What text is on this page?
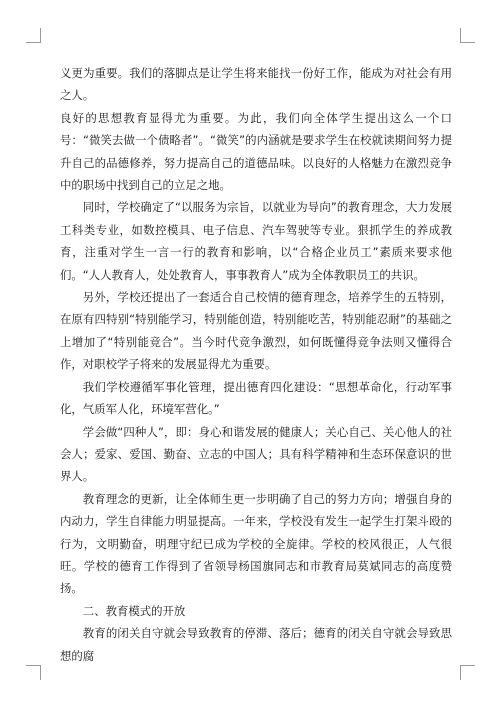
义更为重要。我们的落脚点是让学生将来能找一份好工作，能成为对社会有用之人。

良好的思想教育显得尤为重要。为此，我们向全体学生提出这么一个口号：“微笑去做一个债略者”。“微笑”的内涵就是要求学生在校就读期间努力提升自己的品德修养，努力提高自己的道德品味。以良好的人格魅力在激烈竞争中的职场中找到自己的立足之地。

同时，学校确定了“以服务为宗旨，以就业为导向”的教育理念，大力发展工科类专业，如数控模具、电子信息、汽车驾驶等专业。狠抓学生的养成教育，注重对学生一言一行的教育和影响，以“合格企业员工”素质来要求他们。“人人教育人，处处教育人，事事教育人”成为全体教职员工的共识。

另外，学校还提出了一套适合自己校情的德育理念，培养学生的五特别，在原有四特别“特别能学习，特别能创造，特别能吃苦，特别能忍耐”的基础之上增加了“特别能竞合”。当今时代竞争激烈，如何既懂得竞争法则又懂得合作，对职校学子将来的发展显得尤为重要。

我们学校遵循军事化管理，提出德育四化建设：“思想革命化，行动军事化，气质军人化，环境军营化。”

学会做“四种人”，即：身心和谐发展的健康人；关心自己、关心他人的社会人；爱家、爱国、勤奋、立志的中国人；具有科学精神和生态环保意识的世界人。

教育理念的更新，让全体师生更一步明确了自己的努力方向；增强自身的内动力，学生自律能力明显提高。一年来，学校没有发生一起学生打架斗殴的行为，文明勤奋，明理守纪已成为学校的全旋律。学校的校风很正，人气很旺。学校的德育工作得到了省领导杨国旗同志和市教育局莫斌同志的高度赞扬。

二、教育模式的开放

教育的闭关自守就会导致教育的停滞、落后；德育的闭关自守就会导致思想的腐
